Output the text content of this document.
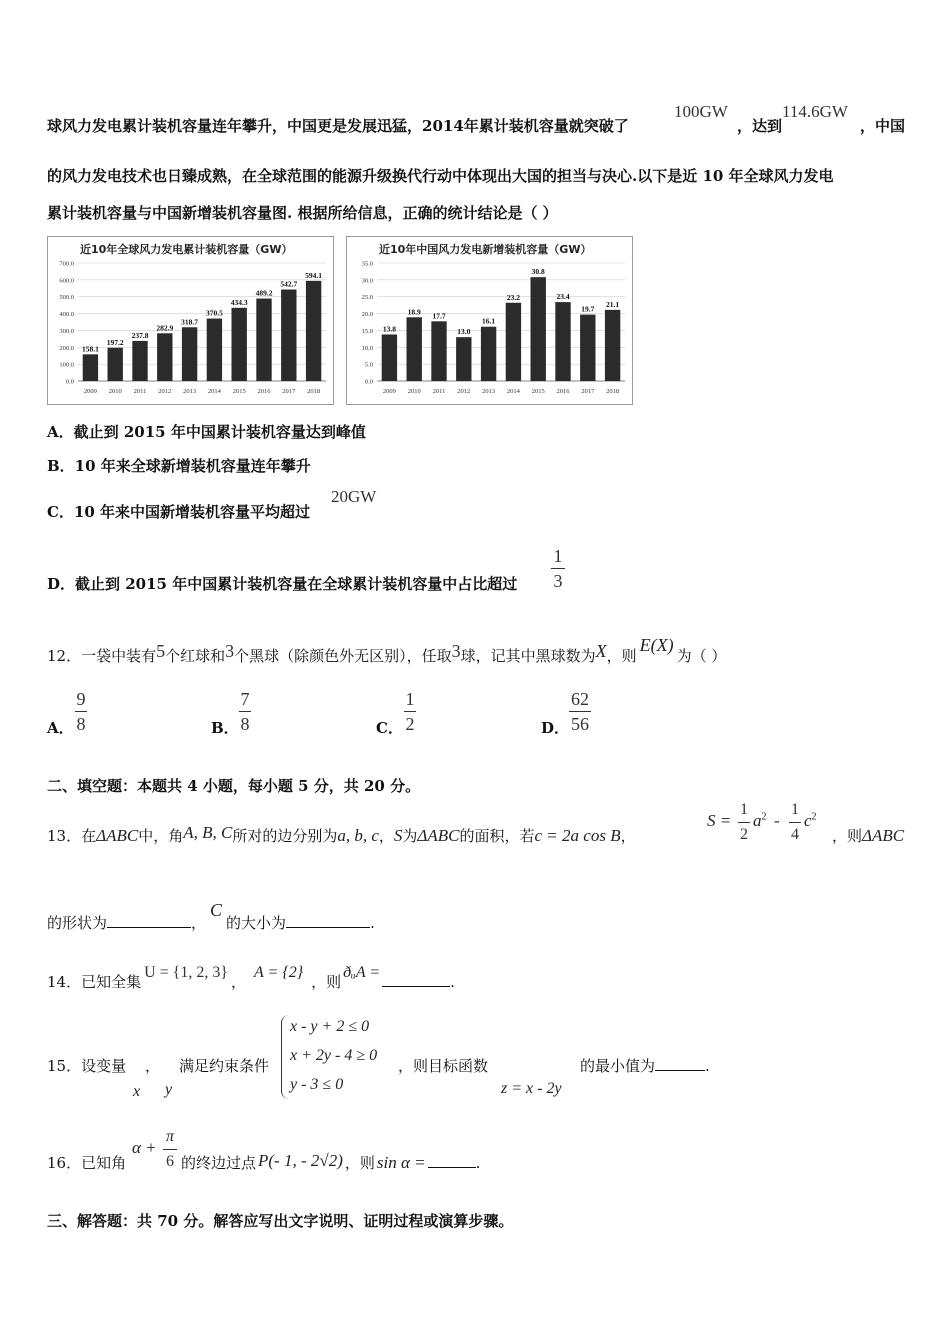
球风力发电累计装机容量连年攀升，中国更是发展迅猛，2014年累计装机容量就突破了
100GW
，达到
114.6GW
，中国
的风力发电技术也日臻成熟，在全球范围的能源升级换代行动中体现出大国的担当与决心.以下是近 10 年全球风力发电
累计装机容量与中国新增装机容量图. 根据所给信息，正确的统计结论是（ ）
近10年全球风力发电累计装机容量（GW）
0.0
100.0
200.0
300.0
400.0
500.0
600.0
700.0
158.1
2009
197.2
2010
237.8
2011
282.9
2012
318.7
2013
370.5
2014
434.3
2015
489.2
2016
542.7
2017
594.1
2018
近10年中国风力发电新增装机容量（GW）
0.0
5.0
10.0
15.0
20.0
25.0
30.0
35.0
13.8
2009
18.9
2010
17.7
2011
13.0
2012
16.1
2013
23.2
2014
30.8
2015
23.4
2016
19.7
2017
21.1
2018
A．截止到 2015 年中国累计装机容量达到峰值
B．10 年来全球新增装机容量连年攀升
C．10 年来中国新增装机容量平均超过
20GW
D．截止到 2015 年中国累计装机容量在全球累计装机容量中占比超过
1
3
12．一袋中装有5个红球和3个黑球（除颜色外无区别），任取3球，记其中黑球数为X，则E(X)为（ ）
A．
9
8	B．
7
8	C．
1
2	D．
62
56
二、填空题：本题共 4 小题，每小题 5 分，共 20 分。
13．在ΔABC中，角A, B, C所对的边分别为a, b, c，S为ΔABC的面积，若c = 2a cos B，
S =
1
2
$a^2$ -
1
4
$c^2$
，则ΔABC
的形状为	，C的大小为	.
14．已知全集U = {1, 2, 3}，A = {2}，则ðᵤA =.
15．设变量 ， 满足约束条件
x y
x - y + 2 ≤ 0
x + 2y - 4 ≥ 0
y - 3 ≤ 0
，则目标函数
z = x - 2y
的最小值为	.
16．已知角
α +
π
6 的终边过点 P(- 1, - 2√2) ，则 sin α =	.
三、解答题：共 70 分。解答应写出文字说明、证明过程或演算步骤。
